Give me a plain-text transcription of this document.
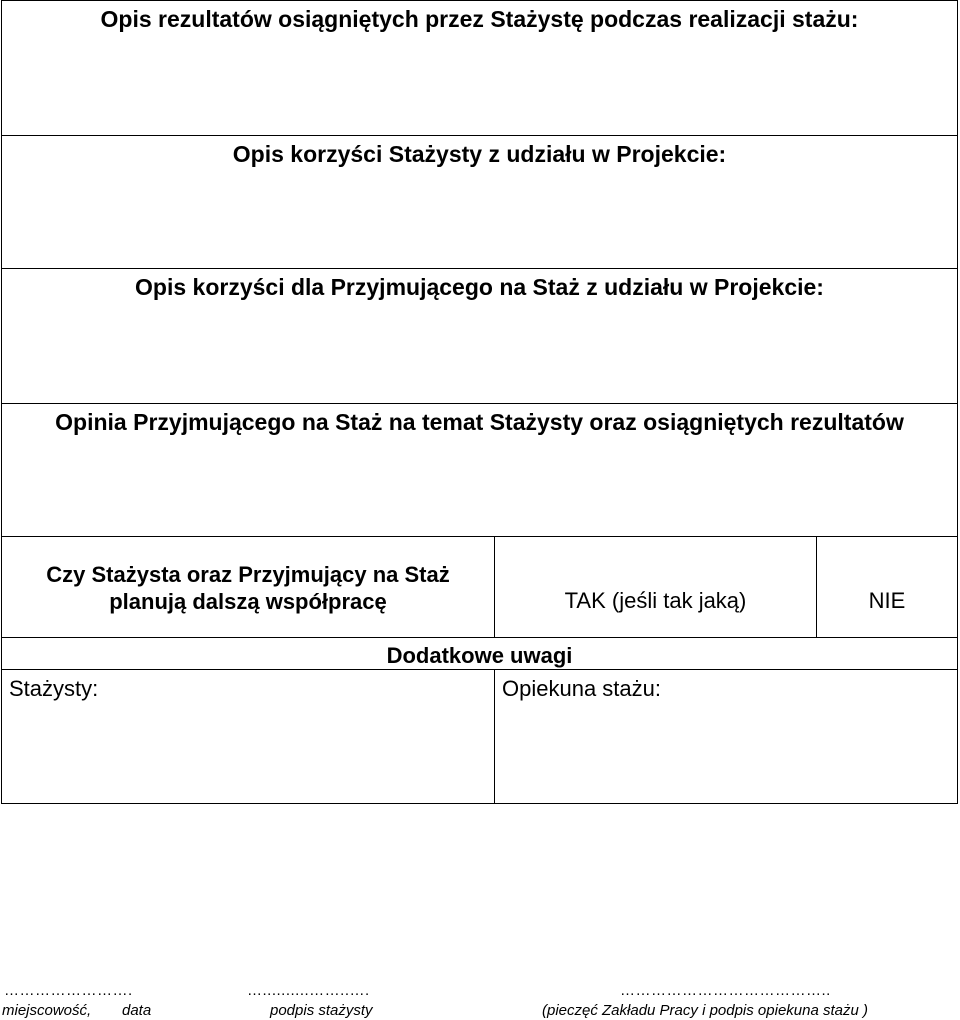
Opis rezultatów osiągniętych przez Stażystę podczas realizacji stażu:		

Opis korzyści Stażysty z udziału w Projekcie:		

Opis korzyści dla Przyjmującego na Staż z udziału w Projekcie:		

Opinia Przyjmującego na Staż na temat Stażysty oraz osiągniętych rezultatów		

Czy Stażysta oraz Przyjmujący na Staż
planują dalszą współpracę	TAK (jeśli tak jaką)	NIE

Dodatkowe uwagi		

Stażysty:	Opiekuna stażu:	
…………………….	…..........……..….	…………………………………..
miejscowość, data	podpis stażysty	(pieczęć Zakładu Pracy i podpis opiekuna stażu )
